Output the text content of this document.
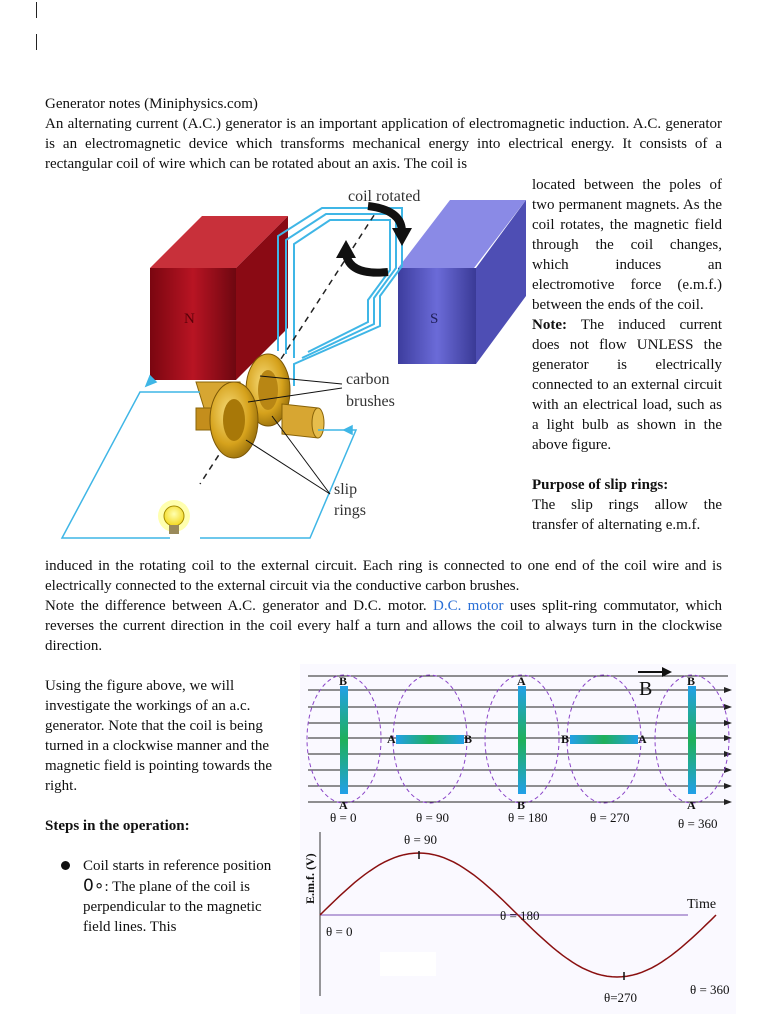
Generator notes (Miniphysics.com)
An alternating current (A.C.) generator is an important application of electromagnetic induction. A.C. generator is an electromagnetic device which transforms mechanical energy into electrical energy. It consists of a rectangular coil of wire which can be rotated about an axis. The coil is
N	S
coil rotated
carbon
brushes
slip
rings

located between the poles of two permanent magnets. As the coil rotates, the magnetic field through the coil changes, which induces an electromotive force (e.m.f.) between the ends of the coil.

Note: The induced current does not flow UNLESS the generator is electrically connected to an external circuit with an electrical load, such as a light bulb as shown in the above figure.

Purpose of slip rings:

The slip rings allow the transfer of alternating e.m.f.

induced in the rotating coil to the external circuit. Each ring is connected to one end of the coil wire and is electrically connected to the external circuit via the conductive carbon brushes.

Note the difference between A.C. generator and D.C. motor. D.C. motor uses split-ring commutator, which reverses the current direction in the coil every half a turn and allows the coil to always turn in the clockwise direction.

Using the figure above, we will investigate the workings of an a.c. generator. Note that the coil is being turned in a clockwise manner and the magnetic field is pointing towards the right.

Steps in the operation:

Coil starts in reference position 0∘: The plane of the coil is perpendicular to the magnetic field lines. This
B
B
A
θ = 0
A	B
θ = 90
A
B
θ = 180
B	A
θ = 270
B
A
θ = 360
E.m.f. (V)
Time
θ = 90
θ = 0
θ = 180
θ=270
θ = 360
